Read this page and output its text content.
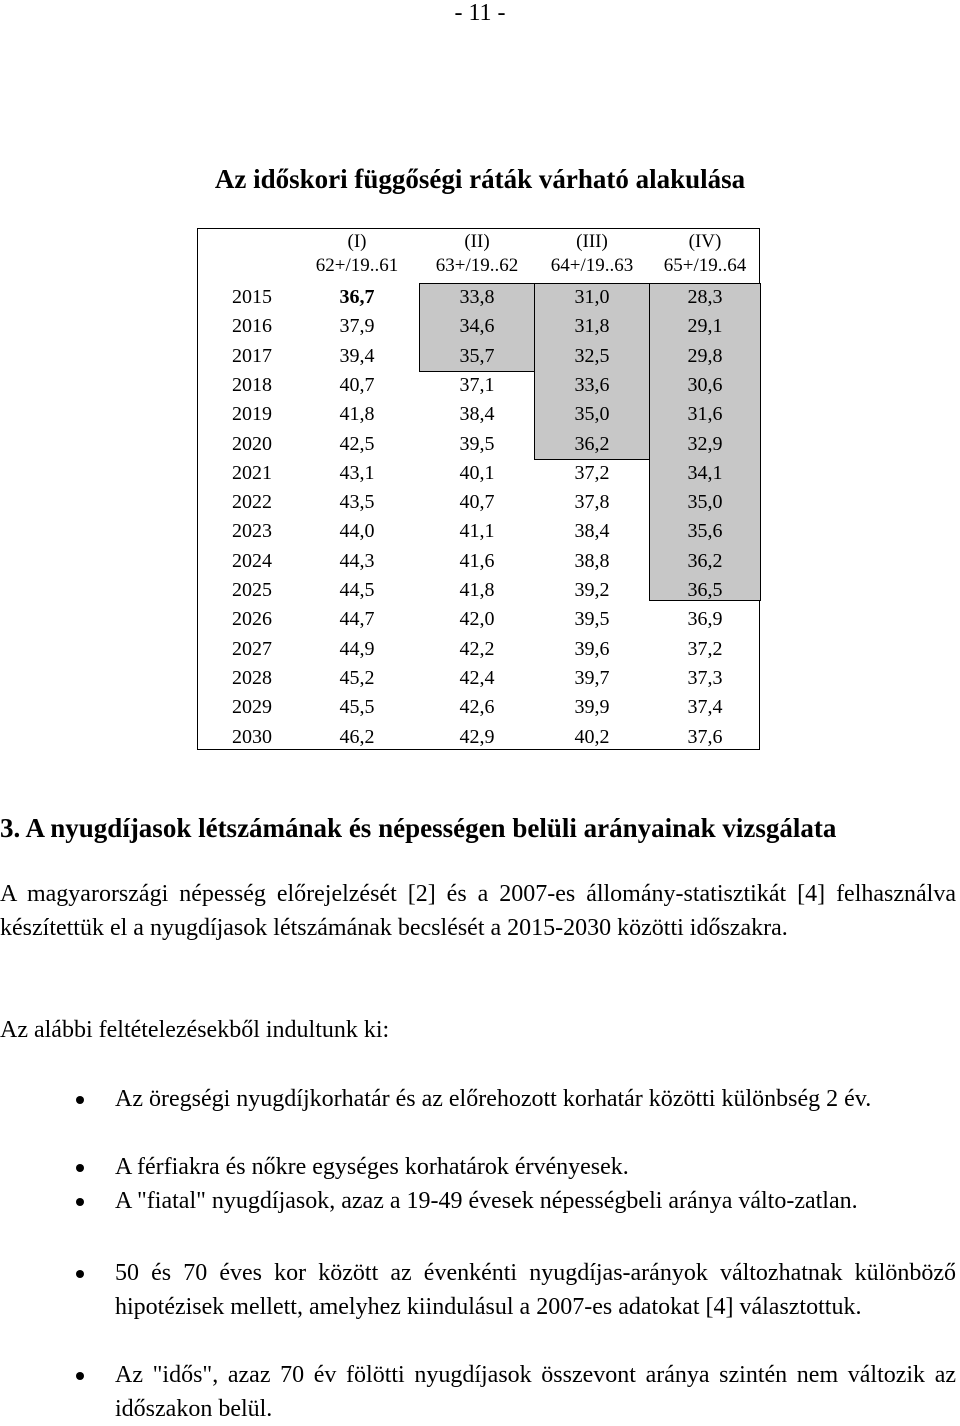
- 11 -
Az időskori függőségi ráták várható alakulása
(I)
62+/19..61
(II)
63+/19..62
(III)
64+/19..63
(IV)
65+/19..64
2015	36,7	33,8	31,0	28,3
2016	37,9	34,6	31,8	29,1
2017	39,4	35,7	32,5	29,8
2018	40,7	37,1	33,6	30,6
2019	41,8	38,4	35,0	31,6
2020	42,5	39,5	36,2	32,9
2021	43,1	40,1	37,2	34,1
2022	43,5	40,7	37,8	35,0
2023	44,0	41,1	38,4	35,6
2024	44,3	41,6	38,8	36,2
2025	44,5	41,8	39,2	36,5
2026	44,7	42,0	39,5	36,9
2027	44,9	42,2	39,6	37,2
2028	45,2	42,4	39,7	37,3
2029	45,5	42,6	39,9	37,4
2030	46,2	42,9	40,2	37,6
3. A nyugdíjasok létszámának és népességen belüli arányainak vizsgálata

A magyarországi népesség előrejelzését [2] és a 2007-es állomány-statisztikát [4] felhasználva készítettük el a nyugdíjasok létszámának becslését a 2015-2030 közötti időszakra.

Az alábbi feltételezésekből indultunk ki:

Az öregségi nyugdíjkorhatár és az előrehozott korhatár közötti különbség 2 év.

A férfiakra és nőkre egységes korhatárok érvényesek.

A "fiatal" nyugdíjasok, azaz a 19-49 évesek népességbeli aránya válto-zatlan.

50 és 70 éves kor között az évenkénti nyugdíjas-arányok változhatnak különböző hipotézisek mellett, amelyhez kiindulásul a 2007-es adatokat [4] választottuk.

Az "idős", azaz 70 év fölötti nyugdíjasok összevont aránya szintén nem változik az időszakon belül.
